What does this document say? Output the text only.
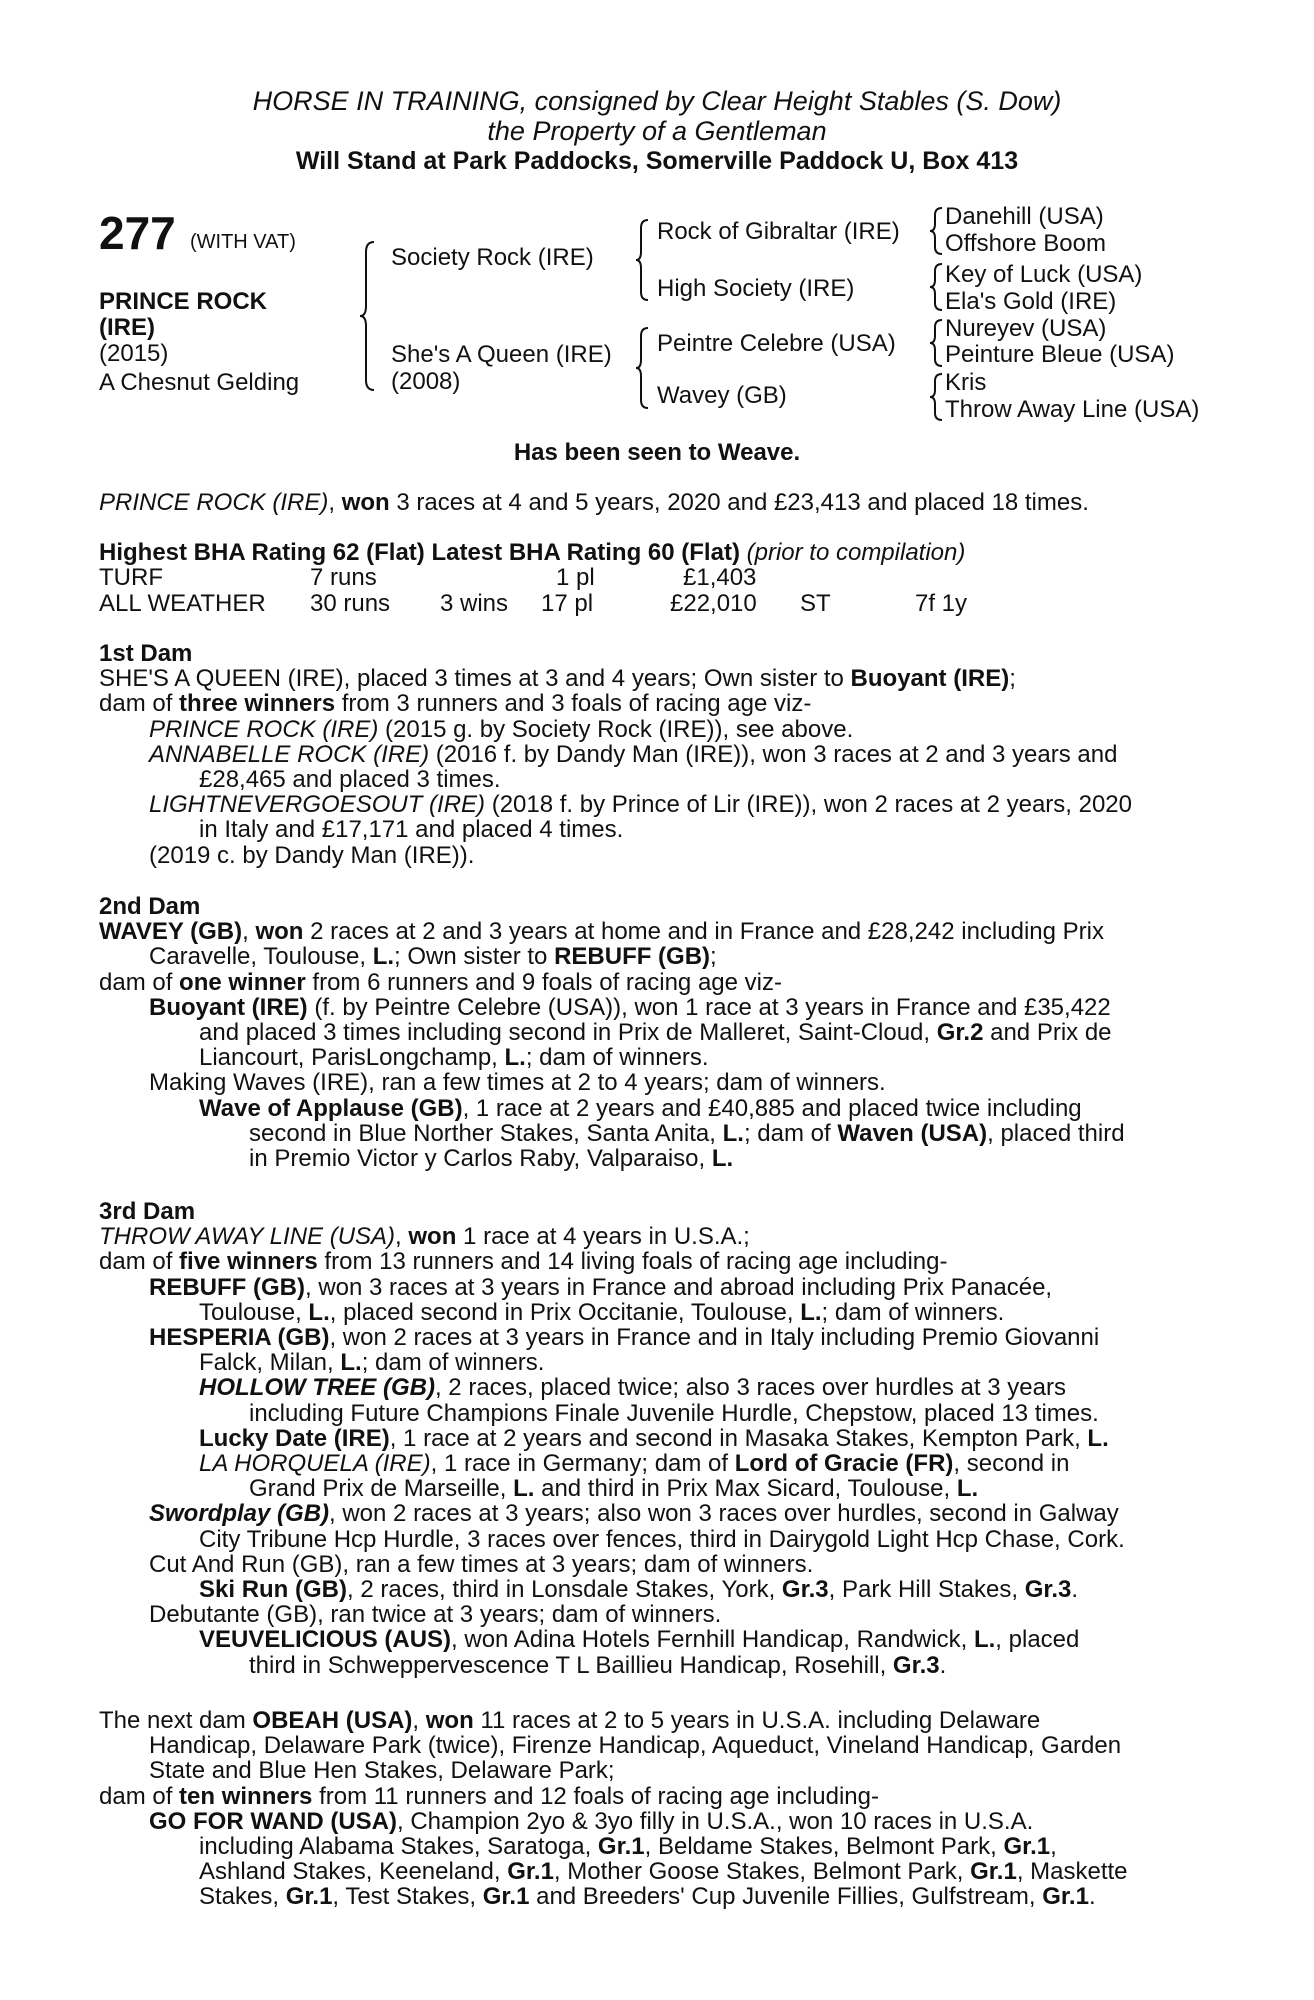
HORSE IN TRAINING, consigned by Clear Height Stables (S. Dow)
the Property of a Gentleman
Will Stand at Park Paddocks, Somerville Paddock U, Box 413
277 (WITH VAT)
PRINCE ROCK
(IRE)
(2015)
A Chesnut Gelding
Society Rock (IRE)
She's A Queen (IRE)
(2008)
Rock of Gibraltar (IRE)
High Society (IRE)
Peintre Celebre (USA)
Wavey (GB)
Danehill (USA)
Offshore Boom
Key of Luck (USA)
Ela's Gold (IRE)
Nureyev (USA)
Peinture Bleue (USA)
Kris
Throw Away Line (USA)
Has been seen to Weave.
PRINCE ROCK (IRE), won 3 races at 4 and 5 years, 2020 and £23,413 and placed 18 times.
Highest BHA Rating 62 (Flat) Latest BHA Rating 60 (Flat) (prior to compilation)
TURF	7 runs	1 pl	£1,403
ALL WEATHER 30 runs 3 wins 17 pl	£22,010 ST	7f 1y
1st Dam
SHE'S A QUEEN (IRE), placed 3 times at 3 and 4 years; Own sister to Buoyant (IRE);
dam of three winners from 3 runners and 3 foals of racing age viz-
PRINCE ROCK (IRE) (2015 g. by Society Rock (IRE)), see above.
ANNABELLE ROCK (IRE) (2016 f. by Dandy Man (IRE)), won 3 races at 2 and 3 years and
£28,465 and placed 3 times.
LIGHTNEVERGOESOUT (IRE) (2018 f. by Prince of Lir (IRE)), won 2 races at 2 years, 2020
in Italy and £17,171 and placed 4 times.
(2019 c. by Dandy Man (IRE)).
2nd Dam
WAVEY (GB), won 2 races at 2 and 3 years at home and in France and £28,242 including Prix
Caravelle, Toulouse, L.; Own sister to REBUFF (GB);
dam of one winner from 6 runners and 9 foals of racing age viz-
Buoyant (IRE) (f. by Peintre Celebre (USA)), won 1 race at 3 years in France and £35,422
and placed 3 times including second in Prix de Malleret, Saint-Cloud, Gr.2 and Prix de
Liancourt, ParisLongchamp, L.; dam of winners.
Making Waves (IRE), ran a few times at 2 to 4 years; dam of winners.
Wave of Applause (GB), 1 race at 2 years and £40,885 and placed twice including
second in Blue Norther Stakes, Santa Anita, L.; dam of Waven (USA), placed third
in Premio Victor y Carlos Raby, Valparaiso, L.
3rd Dam
THROW AWAY LINE (USA), won 1 race at 4 years in U.S.A.;
dam of five winners from 13 runners and 14 living foals of racing age including-
REBUFF (GB), won 3 races at 3 years in France and abroad including Prix Panacée,
Toulouse, L., placed second in Prix Occitanie, Toulouse, L.; dam of winners.
HESPERIA (GB), won 2 races at 3 years in France and in Italy including Premio Giovanni
Falck, Milan, L.; dam of winners.
HOLLOW TREE (GB), 2 races, placed twice; also 3 races over hurdles at 3 years
including Future Champions Finale Juvenile Hurdle, Chepstow, placed 13 times.
Lucky Date (IRE), 1 race at 2 years and second in Masaka Stakes, Kempton Park, L.
LA HORQUELA (IRE), 1 race in Germany; dam of Lord of Gracie (FR), second in
Grand Prix de Marseille, L. and third in Prix Max Sicard, Toulouse, L.
Swordplay (GB), won 2 races at 3 years; also won 3 races over hurdles, second in Galway
City Tribune Hcp Hurdle, 3 races over fences, third in Dairygold Light Hcp Chase, Cork.
Cut And Run (GB), ran a few times at 3 years; dam of winners.
Ski Run (GB), 2 races, third in Lonsdale Stakes, York, Gr.3, Park Hill Stakes, Gr.3.
Debutante (GB), ran twice at 3 years; dam of winners.
VEUVELICIOUS (AUS), won Adina Hotels Fernhill Handicap, Randwick, L., placed
third in Schweppervescence T L Baillieu Handicap, Rosehill, Gr.3.
The next dam OBEAH (USA), won 11 races at 2 to 5 years in U.S.A. including Delaware
Handicap, Delaware Park (twice), Firenze Handicap, Aqueduct, Vineland Handicap, Garden
State and Blue Hen Stakes, Delaware Park;
dam of ten winners from 11 runners and 12 foals of racing age including-
GO FOR WAND (USA), Champion 2yo & 3yo filly in U.S.A., won 10 races in U.S.A.
including Alabama Stakes, Saratoga, Gr.1, Beldame Stakes, Belmont Park, Gr.1,
Ashland Stakes, Keeneland, Gr.1, Mother Goose Stakes, Belmont Park, Gr.1, Maskette
Stakes, Gr.1, Test Stakes, Gr.1 and Breeders' Cup Juvenile Fillies, Gulfstream, Gr.1.
